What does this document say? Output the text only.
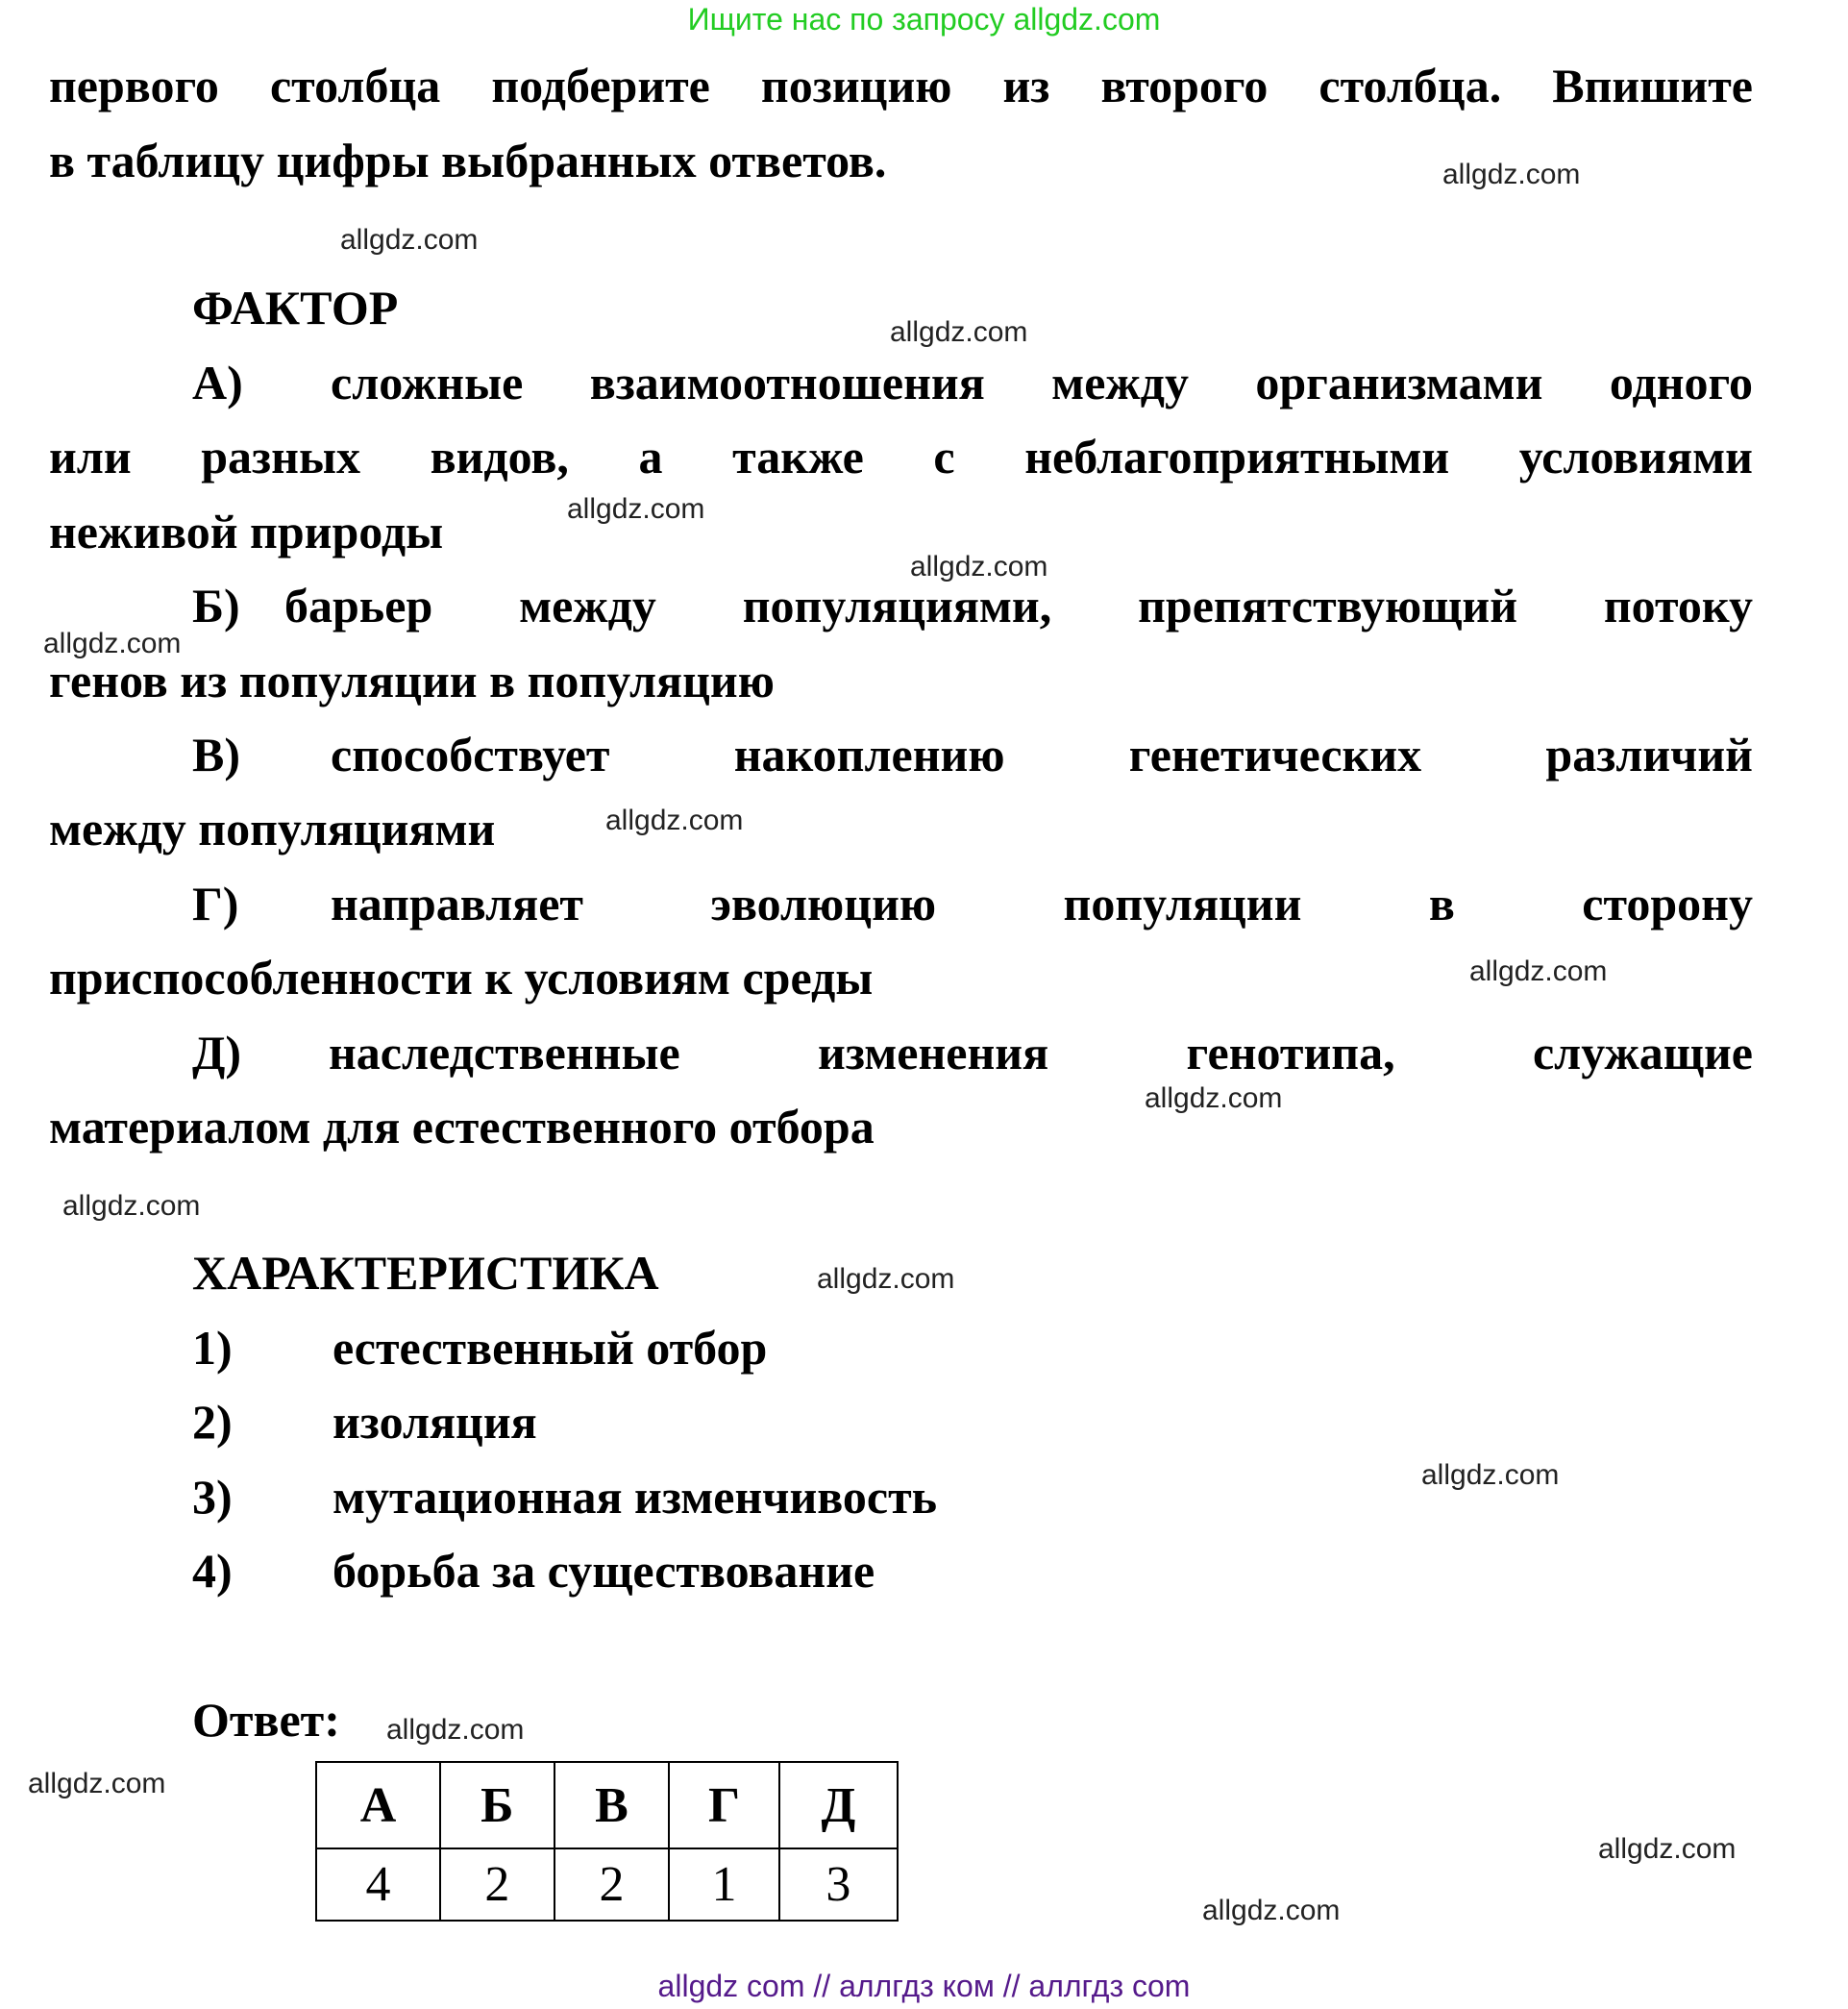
Ищите нас по запросу allgdz.com
первого столбца подберите позицию из второго столбца. Впишите
в таблицу цифры выбранных ответов.
ФАКТОР
А) сложные взаимоотношения между организмами одного
или разных видов, а также с неблагоприятными условиями
неживой природы
Б) барьер между популяциями, препятствующий потоку
генов из популяции в популяцию
В) способствует накоплению генетических различий
между популяциями
Г) направляет эволюцию популяции в сторону
приспособленности к условиям среды
Д) наследственные изменения генотипа, служащие
материалом для естественного отбора
ХАРАКТЕРИСТИКА
1) естественный отбор
2) изоляция
3) мутационная изменчивость
4) борьба за существование
Ответ:
А	Б	В	Г	Д
4	2	2	1	3
allgdz.com
allgdz.com
allgdz.com
allgdz.com
allgdz.com
allgdz.com
allgdz.com
allgdz.com
allgdz.com
allgdz.com
allgdz.com
allgdz.com
allgdz.com
allgdz.com
allgdz.com
allgdz.com
allgdz com // аллгдз ком // аллгдз com
